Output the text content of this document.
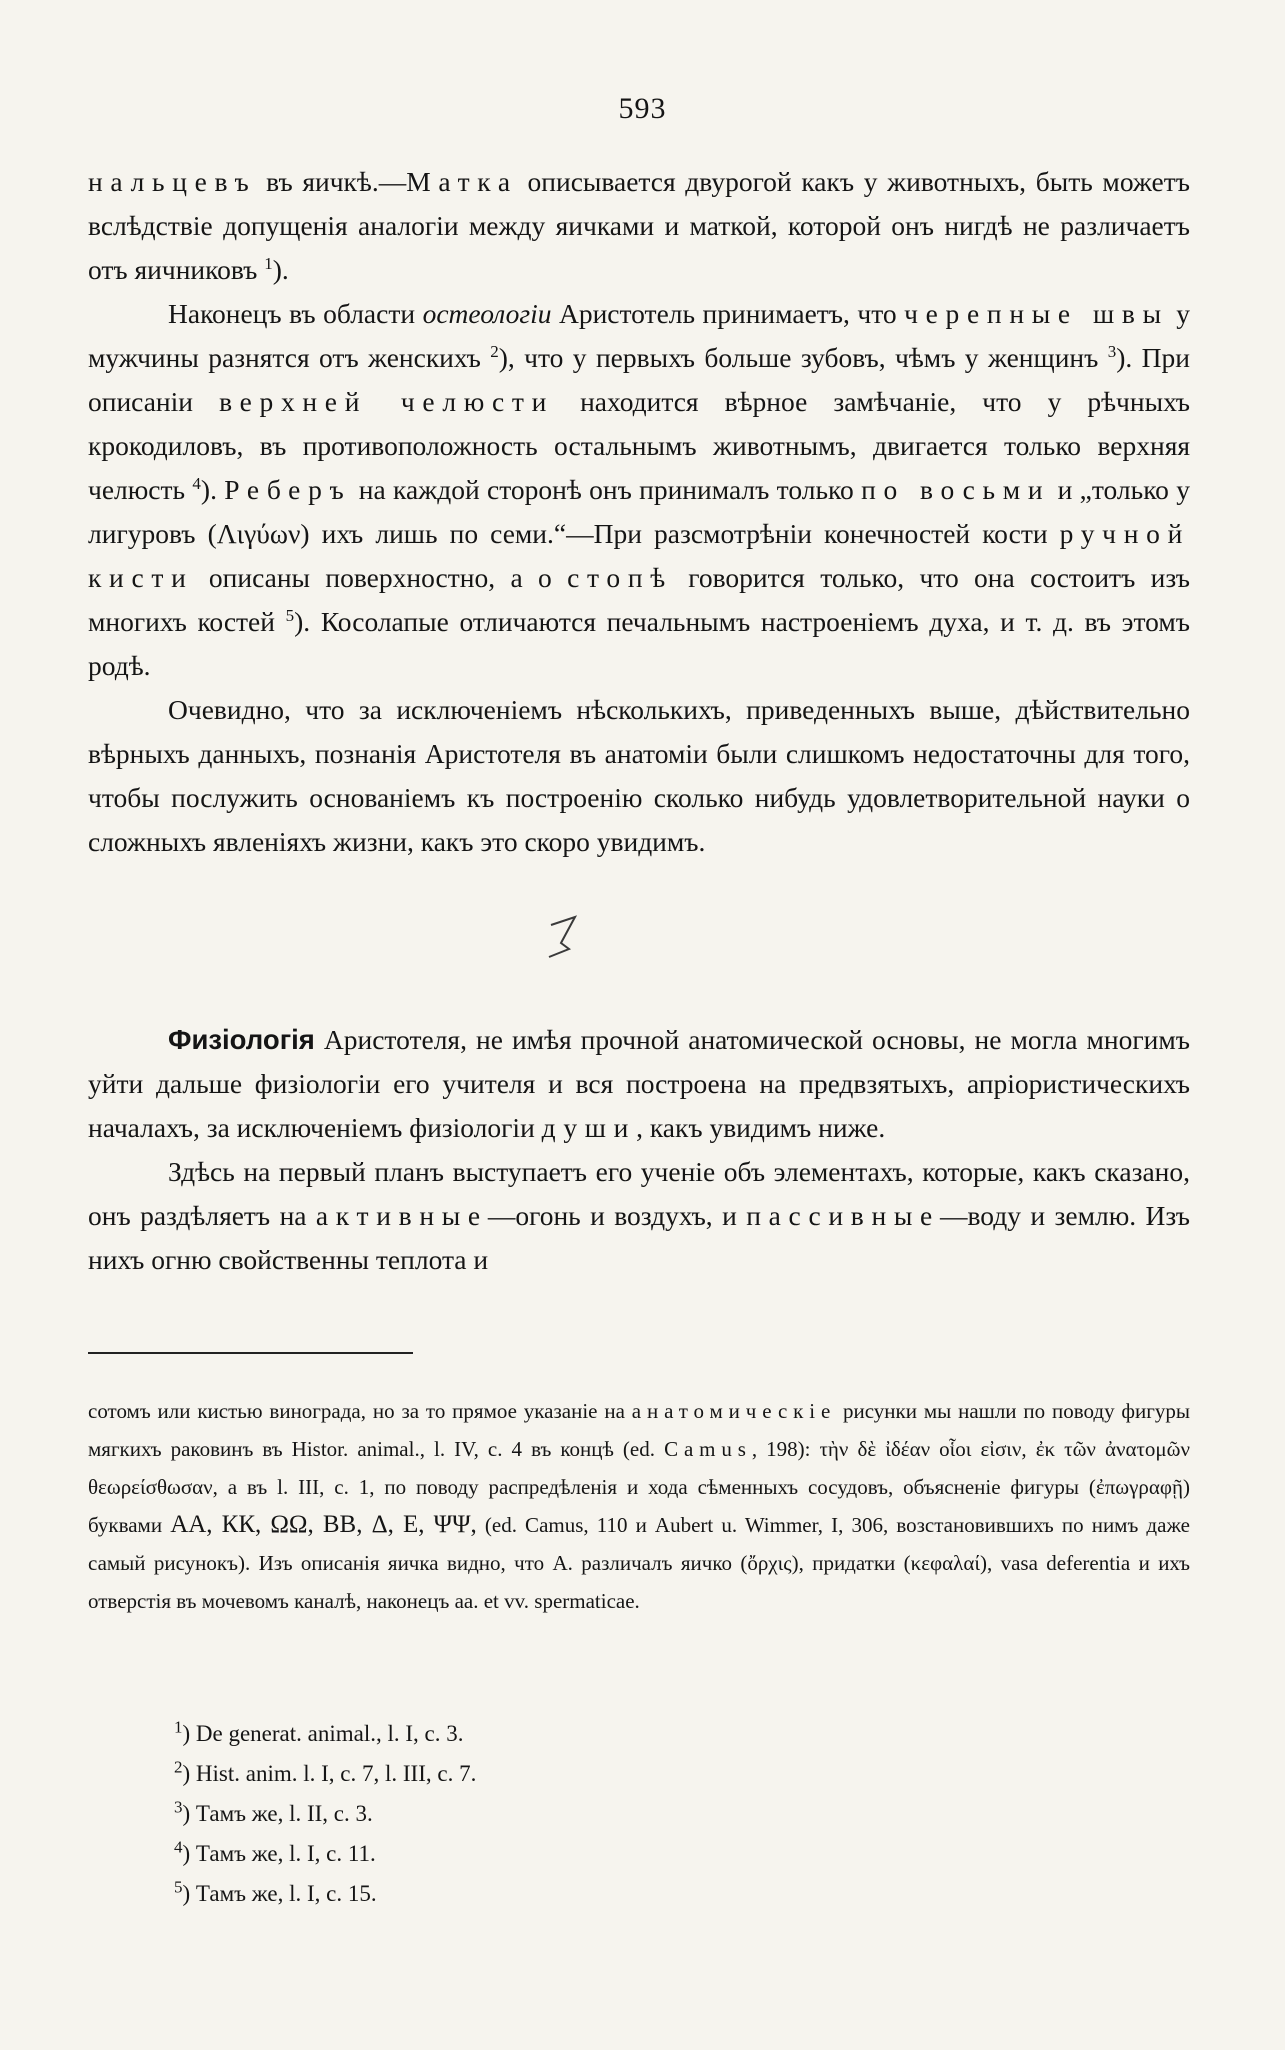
593

нальцевъ въ яичкѣ.—Матка описывается двурогой какъ у животныхъ, быть можетъ вслѣдствіе допущенія аналогіи между яичками и маткой, которой онъ нигдѣ не различаетъ отъ яичниковъ $^1$).

Наконецъ въ области остеологіи Аристотель принимаетъ, что черепные швы у мужчины разнятся отъ женскихъ $^2$), что у первыхъ больше зубовъ, чѣмъ у женщинъ $^3$). При описаніи верхней челюсти находится вѣрное замѣчаніе, что у рѣчныхъ крокодиловъ, въ противоположность остальнымъ животнымъ, двигается только верхняя челюсть $^4$). Реберъ на каждой сторонѣ онъ принималъ только по восьми и „только у лигуровъ (Λιγύων) ихъ лишь по семи.“—При разсмотрѣніи конечностей кости ручной кисти описаны поверхностно, а о стопѣ говорится только, что она состоитъ изъ многихъ костей $^5$). Косолапые отличаются печальнымъ настроеніемъ духа, и т. д. въ этомъ родѣ.

Очевидно, что за исключеніемъ нѣсколькихъ, приведенныхъ выше, дѣйствительно вѣрныхъ данныхъ, познанія Аристотеля въ анатоміи были слишкомъ недостаточны для того, чтобы послужить основаніемъ къ построенію сколько нибудь удовлетворительной науки о сложныхъ явленіяхъ жизни, какъ это скоро увидимъ.

Физіологія Аристотеля, не имѣя прочной анатомической основы, не могла многимъ уйти дальше физіологіи его учителя и вся построена на предвзятыхъ, апріористическихъ началахъ, за исключеніемъ физіологіи души, какъ увидимъ ниже.

Здѣсь на первый планъ выступаетъ его ученіе объ элементахъ, которые, какъ сказано, онъ раздѣляетъ на активные—огонь и воздухъ, и пассивные—воду и землю. Изъ нихъ огню свойственны теплота и

сотомъ или кистью винограда, но за то прямое указаніе на анатомическіе рисунки мы нашли по поводу фигуры мягкихъ раковинъ въ Histor. animal., l. IV, c. 4 въ концѣ (ed. Camus, 198): τὴν δὲ ἰδέαν οἷοι εἰσιν, ἐκ τῶν ἀνατομῶν θεωρείσθωσαν, а въ l. III, c. 1, по поводу распредѣленія и хода сѣменныхъ сосудовъ, объясненіе фигуры (ἐπωγραφῇ) буквами АА, КК, ΩΩ, ВВ, Δ, Е, ΨΨ, (ed. Camus, 110 и Aubert u. Wimmer, I, 306, возстановившихъ по нимъ даже самый рисунокъ). Изъ описанія яичка видно, что А. различалъ яичко (ὄρχις), придатки (κεφαλαί), vasa deferentia и ихъ отверстія въ мочевомъ каналѣ, наконецъ aa. et vv. spermaticae.
$^1$) De generat. animal., l. I, c. 3.
$^2$) Hist. anim. l. I, c. 7, l. III, c. 7.
$^3$) Тамъ же, l. II, c. 3.
$^4$) Тамъ же, l. I, c. 11.
$^5$) Тамъ же, l. I, c. 15.
